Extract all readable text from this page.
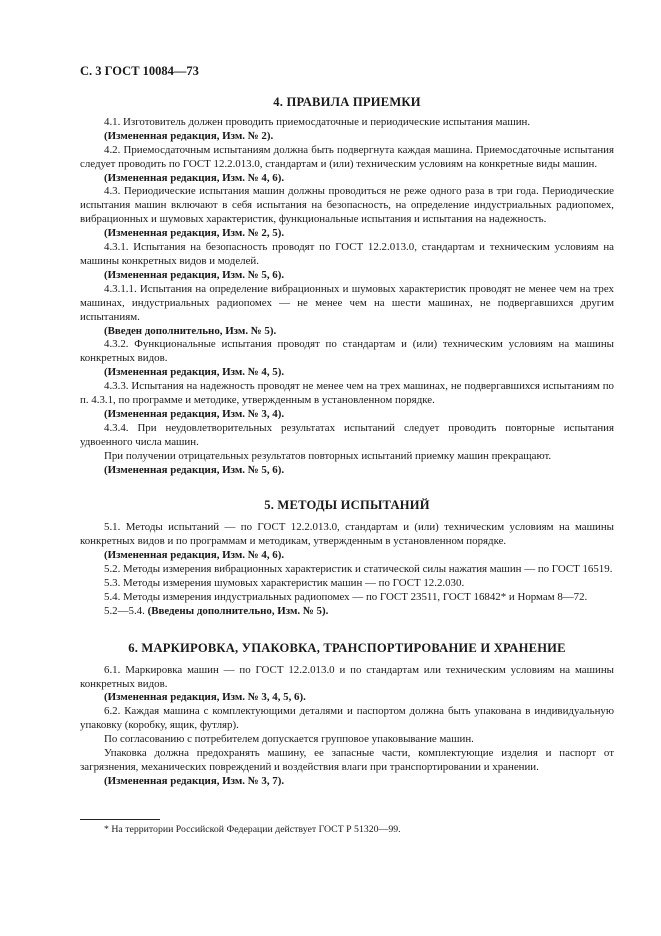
С. 3 ГОСТ 10084—73
4. ПРАВИЛА ПРИЕМКИ

4.1. Изготовитель должен проводить приемосдаточные и периодические испытания машин.

(Измененная редакция, Изм. № 2).

4.2. Приемосдаточным испытаниям должна быть подвергнута каждая машина. Приемосдаточные испытания следует проводить по ГОСТ 12.2.013.0, стандартам и (или) техническим условиям на конкретные виды машин.

(Измененная редакция, Изм. № 4, 6).

4.3. Периодические испытания машин должны проводиться не реже одного раза в три года. Периодические испытания машин включают в себя испытания на безопасность, на определение индустриальных радиопомех, вибрационных и шумовых характеристик, функциональные испытания и испытания на надежность.

(Измененная редакция, Изм. № 2, 5).

4.3.1. Испытания на безопасность проводят по ГОСТ 12.2.013.0, стандартам и техническим условиям на машины конкретных видов и моделей.

(Измененная редакция, Изм. № 5, 6).

4.3.1.1. Испытания на определение вибрационных и шумовых характеристик проводят не менее чем на трех машинах, индустриальных радиопомех — не менее чем на шести машинах, не подвергавшихся другим испытаниям.

(Введен дополнительно, Изм. № 5).

4.3.2. Функциональные испытания проводят по стандартам и (или) техническим условиям на машины конкретных видов.

(Измененная редакция, Изм. № 4, 5).

4.3.3. Испытания на надежность проводят не менее чем на трех машинах, не подвергавшихся испытаниям по п. 4.3.1, по программе и методике, утвержденным в установленном порядке.

(Измененная редакция, Изм. № 3, 4).

4.3.4. При неудовлетворительных результатах испытаний следует проводить повторные испытания удвоенного числа машин.

При получении отрицательных результатов повторных испытаний приемку машин прекращают.

(Измененная редакция, Изм. № 5, 6).

5. МЕТОДЫ ИСПЫТАНИЙ

5.1. Методы испытаний — по ГОСТ 12.2.013.0, стандартам и (или) техническим условиям на машины конкретных видов и по программам и методикам, утвержденным в установленном порядке.

(Измененная редакция, Изм. № 4, 6).

5.2. Методы измерения вибрационных характеристик и статической силы нажатия машин — по ГОСТ 16519.

5.3. Методы измерения шумовых характеристик машин — по ГОСТ 12.2.030.

5.4. Методы измерения индустриальных радиопомех — по ГОСТ 23511, ГОСТ 16842* и Нормам 8—72.

5.2—5.4. (Введены дополнительно, Изм. № 5).

6. МАРКИРОВКА, УПАКОВКА, ТРАНСПОРТИРОВАНИЕ И ХРАНЕНИЕ

6.1. Маркировка машин — по ГОСТ 12.2.013.0 и по стандартам или техническим условиям на машины конкретных видов.

(Измененная редакция, Изм. № 3, 4, 5, 6).

6.2. Каждая машина с комплектующими деталями и паспортом должна быть упакована в индивидуальную упаковку (коробку, ящик, футляр).

По согласованию с потребителем допускается групповое упаковывание машин.

Упаковка должна предохранять машину, ее запасные части, комплектующие изделия и паспорт от загрязнения, механических повреждений и воздействия влаги при транспортировании и хранении.

(Измененная редакция, Изм. № 3, 7).

* На территории Российской Федерации действует ГОСТ Р 51320—99.
